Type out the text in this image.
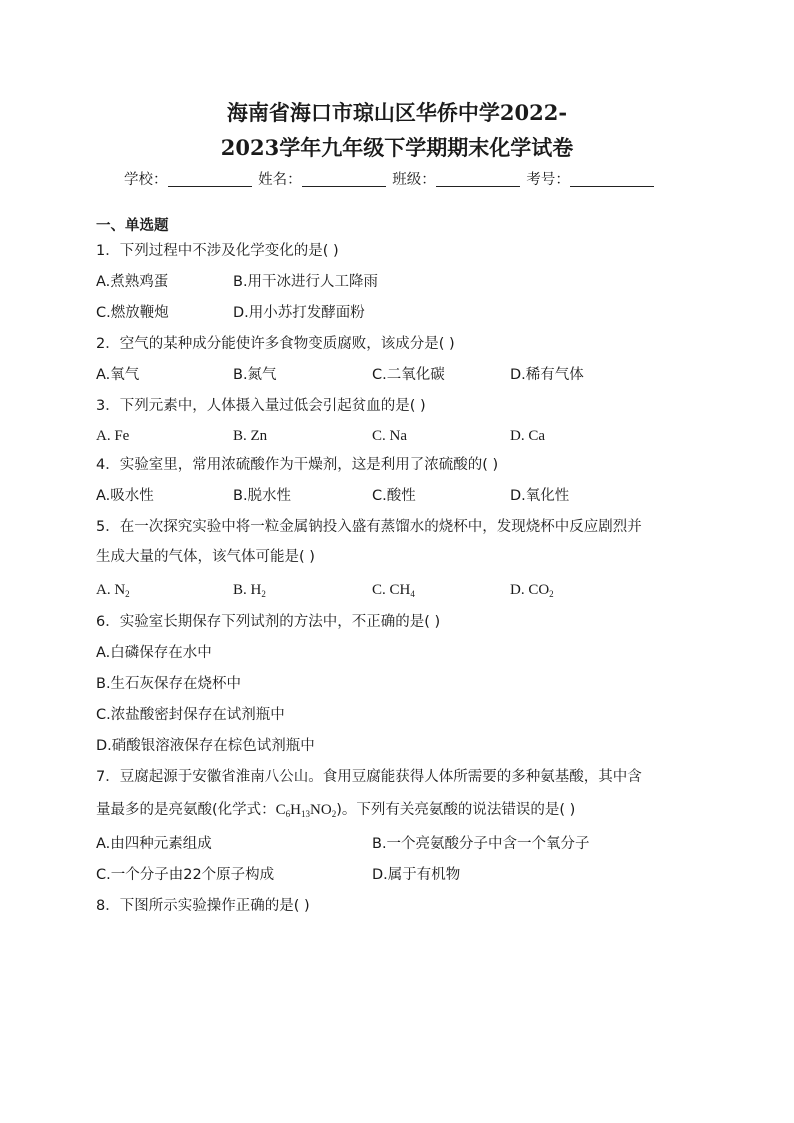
海南省海口市琼山区华侨中学2022-
2023学年九年级下学期期末化学试卷
学校：	姓名：	班级：	考号：
一、单选题
1．下列过程中不涉及化学变化的是( )
A.煮熟鸡蛋	B.用干冰进行人工降雨
C.燃放鞭炮	D.用小苏打发酵面粉
2．空气的某种成分能使许多食物变质腐败，该成分是( )
A.氧气	B.氮气	C.二氧化碳	D.稀有气体
3．下列元素中，人体摄入量过低会引起贫血的是( )
A. Fe	B. Zn	C. Na	D. Ca
4．实验室里，常用浓硫酸作为干燥剂，这是利用了浓硫酸的( )
A.吸水性	B.脱水性	C.酸性	D.氧化性
5．在一次探究实验中将一粒金属钠投入盛有蒸馏水的烧杯中，发现烧杯中反应剧烈并
生成大量的气体，该气体可能是( )
A. $N_2$	B. $H_2$	C. $CH_4$	D. $CO_2$
6．实验室长期保存下列试剂的方法中，不正确的是( )
A.白磷保存在水中
B.生石灰保存在烧杯中
C.浓盐酸密封保存在试剂瓶中
D.硝酸银溶液保存在棕色试剂瓶中
7．豆腐起源于安徽省淮南八公山。食用豆腐能获得人体所需要的多种氨基酸，其中含
量最多的是亮氨酸(化学式：$C_6H_{13}NO_2$)。下列有关亮氨酸的说法错误的是( )
A.由四种元素组成	B.一个亮氨酸分子中含一个氧分子
C.一个分子由22个原子构成	D.属于有机物
8．下图所示实验操作正确的是( )
